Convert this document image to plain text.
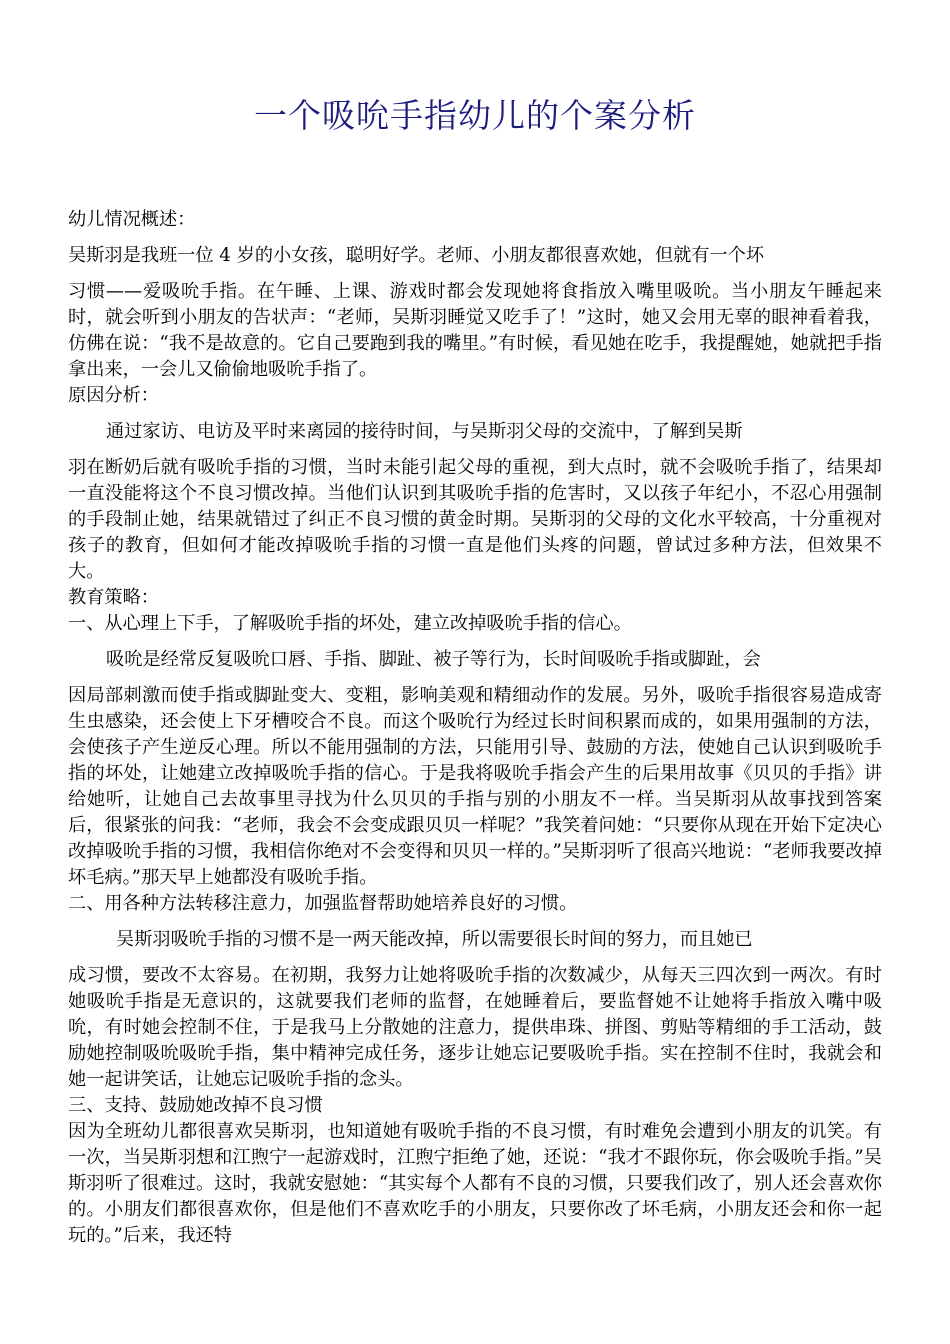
一个吸吮手指幼儿的个案分析

幼儿情况概述：

吴斯羽是我班一位 4 岁的小女孩，聪明好学。老师、小朋友都很喜欢她，但就有一个坏

习惯——爱吸吮手指。在午睡、上课、游戏时都会发现她将食指放入嘴里吸吮。当小朋友午睡起来时，就会听到小朋友的告状声：“老师，吴斯羽睡觉又吃手了！”这时，她又会用无辜的眼神看着我，仿佛在说：“我不是故意的。它自己要跑到我的嘴里。”有时候，看见她在吃手，我提醒她，她就把手指拿出来，一会儿又偷偷地吸吮手指了。

原因分析：

通过家访、电访及平时来离园的接待时间，与吴斯羽父母的交流中，了解到吴斯

羽在断奶后就有吸吮手指的习惯，当时未能引起父母的重视，到大点时，就不会吸吮手指了，结果却一直没能将这个不良习惯改掉。当他们认识到其吸吮手指的危害时，又以孩子年纪小，不忍心用强制的手段制止她，结果就错过了纠正不良习惯的黄金时期。吴斯羽的父母的文化水平较高，十分重视对孩子的教育，但如何才能改掉吸吮手指的习惯一直是他们头疼的问题，曾试过多种方法，但效果不大。

教育策略：

一、从心理上下手，了解吸吮手指的坏处，建立改掉吸吮手指的信心。

吸吮是经常反复吸吮口唇、手指、脚趾、被子等行为，长时间吸吮手指或脚趾，会

因局部刺激而使手指或脚趾变大、变粗，影响美观和精细动作的发展。另外，吸吮手指很容易造成寄生虫感染，还会使上下牙槽咬合不良。而这个吸吮行为经过长时间积累而成的，如果用强制的方法，会使孩子产生逆反心理。所以不能用强制的方法，只能用引导、鼓励的方法，使她自己认识到吸吮手指的坏处，让她建立改掉吸吮手指的信心。于是我将吸吮手指会产生的后果用故事《贝贝的手指》讲给她听，让她自己去故事里寻找为什么贝贝的手指与别的小朋友不一样。当吴斯羽从故事找到答案后，很紧张的问我：“老师，我会不会变成跟贝贝一样呢？”我笑着问她：“只要你从现在开始下定决心改掉吸吮手指的习惯，我相信你绝对不会变得和贝贝一样的。”吴斯羽听了很高兴地说：“老师我要改掉坏毛病。”那天早上她都没有吸吮手指。

二、用各种方法转移注意力，加强监督帮助她培养良好的习惯。

吴斯羽吸吮手指的习惯不是一两天能改掉，所以需要很长时间的努力，而且她已

成习惯，要改不太容易。在初期，我努力让她将吸吮手指的次数减少，从每天三四次到一两次。有时她吸吮手指是无意识的，这就要我们老师的监督，在她睡着后，要监督她不让她将手指放入嘴中吸吮，有时她会控制不住，于是我马上分散她的注意力，提供串珠、拼图、剪贴等精细的手工活动，鼓励她控制吸吮吸吮手指，集中精神完成任务，逐步让她忘记要吸吮手指。实在控制不住时，我就会和她一起讲笑话，让她忘记吸吮手指的念头。

三、支持、鼓励她改掉不良习惯

因为全班幼儿都很喜欢吴斯羽，也知道她有吸吮手指的不良习惯，有时难免会遭到小朋友的讥笑。有一次，当吴斯羽想和江煦宁一起游戏时，江煦宁拒绝了她，还说：“我才不跟你玩，你会吸吮手指。”吴斯羽听了很难过。这时，我就安慰她：“其实每个人都有不良的习惯，只要我们改了，别人还会喜欢你的。小朋友们都很喜欢你，但是他们不喜欢吃手的小朋友，只要你改了坏毛病，小朋友还会和你一起玩的。”后来，我还特
